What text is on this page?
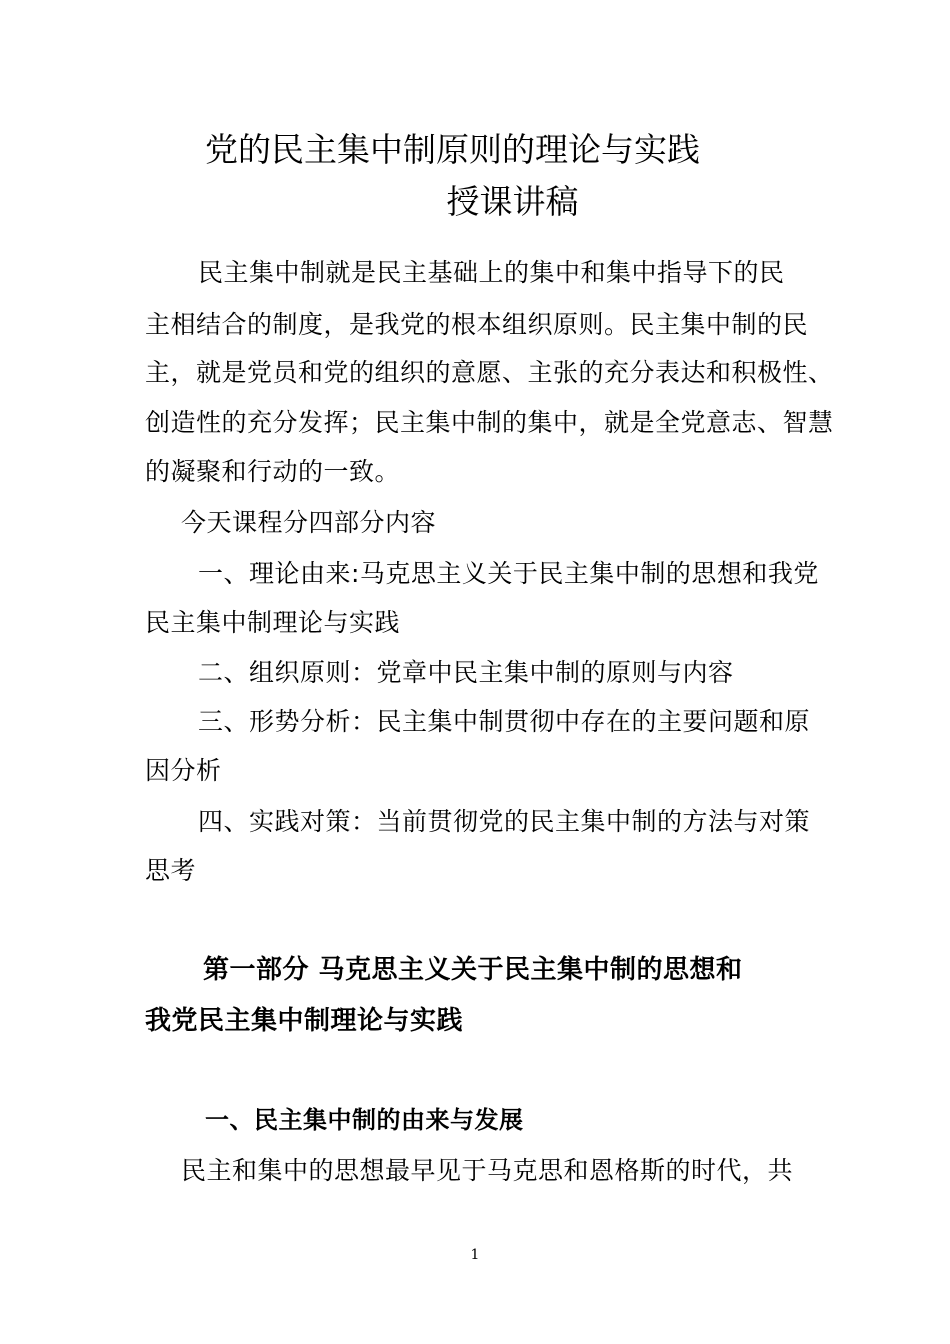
党的民主集中制原则的理论与实践
授课讲稿
民主集中制就是民主基础上的集中和集中指导下的民
主相结合的制度，是我党的根本组织原则。民主集中制的民
主，就是党员和党的组织的意愿、主张的充分表达和积极性、
创造性的充分发挥；民主集中制的集中，就是全党意志、智慧
的凝聚和行动的一致。
今天课程分四部分内容
一、理论由来:马克思主义关于民主集中制的思想和我党
民主集中制理论与实践
二、组织原则：党章中民主集中制的原则与内容
三、形势分析：民主集中制贯彻中存在的主要问题和原
因分析
四、实践对策：当前贯彻党的民主集中制的方法与对策
思考
第一部分 马克思主义关于民主集中制的思想和
我党民主集中制理论与实践
一、民主集中制的由来与发展
民主和集中的思想最早见于马克思和恩格斯的时代，共
1
